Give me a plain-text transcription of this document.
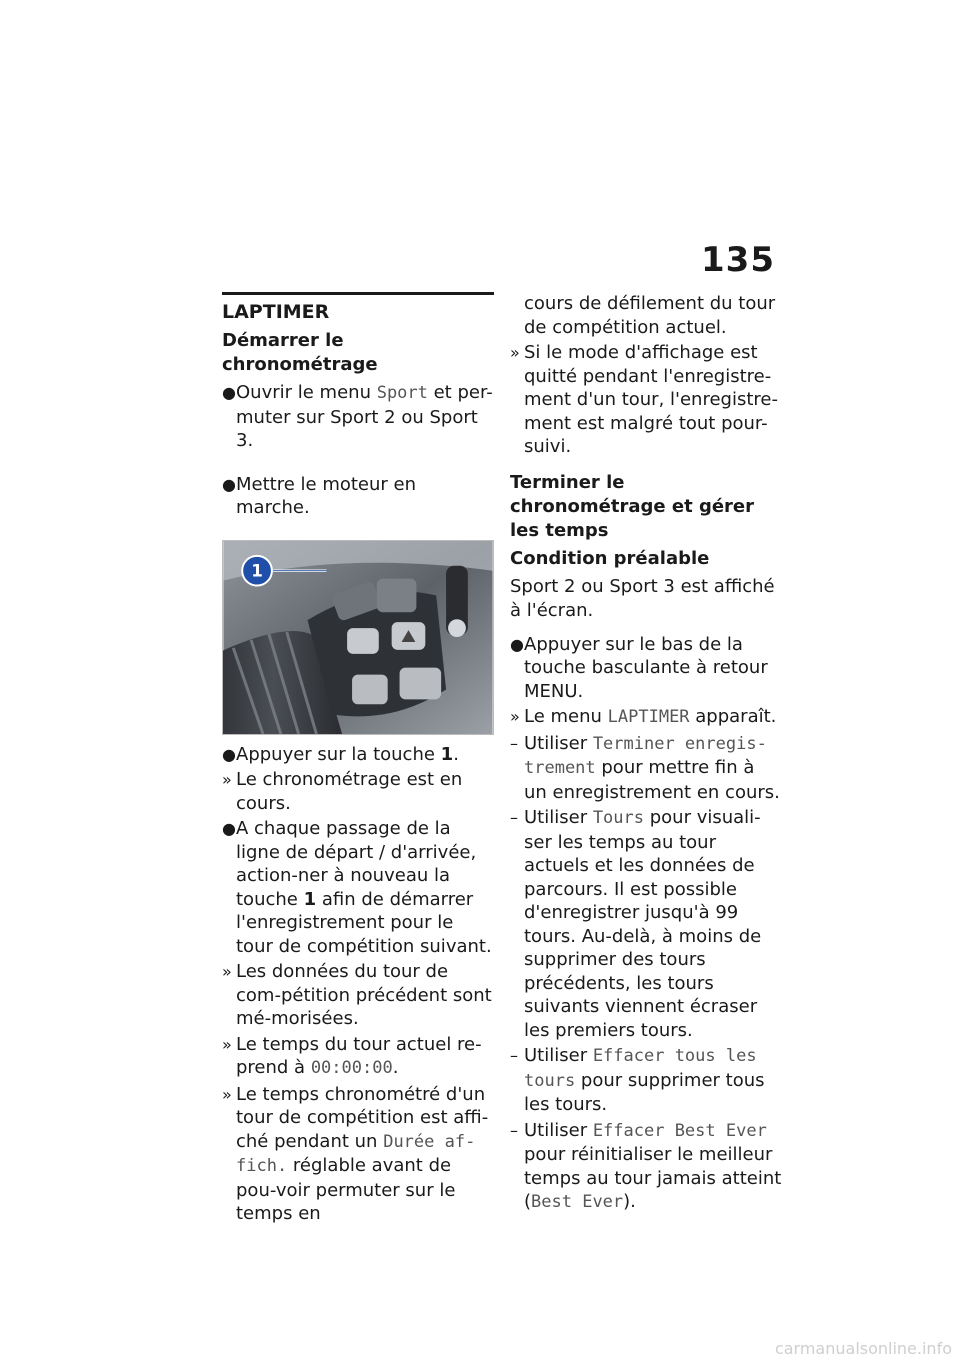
135
LAPTIMER
Démarrer le chronométrage
● Ouvrir le menu Sport et per-muter sur Sport 2 ou Sport 3.
● Mettre le moteur en marche.
1
● Appuyer sur la touche 1.
» Le chronométrage est en cours.
● A chaque passage de la ligne de départ / d'arrivée, action-ner à nouveau la touche 1 afin de démarrer l'enregistrement pour le tour de compétition suivant.
» Les données du tour de com-pétition précédent sont mé-morisées.
» Le temps du tour actuel re-prend à 00:00:00.
» Le temps chronométré d'un tour de compétition est affi-ché pendant un Durée af-fich. réglable avant de pou-voir permuter sur le temps en
cours de défilement du tour de compétition actuel.
» Si le mode d'affichage est quitté pendant l'enregistre-ment d'un tour, l'enregistre-ment est malgré tout pour-suivi.
Terminer le chronométrage et gérer les temps
Condition préalable
Sport 2 ou Sport 3 est affiché à l'écran.
● Appuyer sur le bas de la touche basculante à retour MENU.
» Le menu LAPTIMER apparaît.
– Utiliser Terminer enregis-trement pour mettre fin à un enregistrement en cours.
– Utiliser Tours pour visuali-ser les temps au tour actuels et les données de parcours. Il est possible d'enregistrer jusqu'à 99 tours. Au-delà, à moins de supprimer des tours précédents, les tours suivants viennent écraser les premiers tours.
– Utiliser Effacer tous les tours pour supprimer tous les tours.
– Utiliser Effacer Best Ever pour réinitialiser le meilleur temps au tour jamais atteint (Best Ever).
carmanualsonline.info
